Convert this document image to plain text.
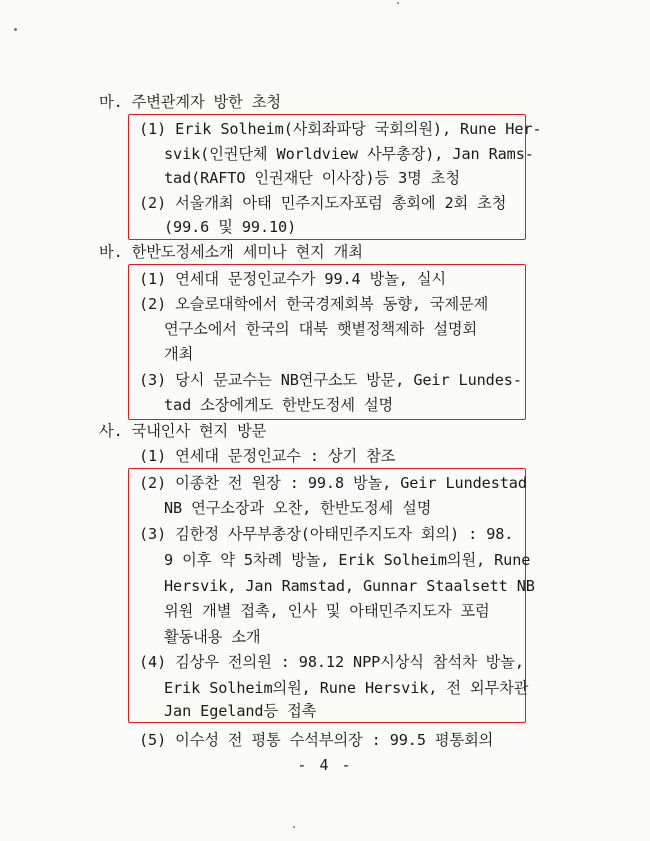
마. 주변관계자 방한 초청
(1) Erik Solheim(사회좌파당 국회의원), Rune Her-
svik(인권단체 Worldview 사무총장), Jan Rams-
tad(RAFTO 인권재단 이사장)등 3명 초청
(2) 서울개최 아태 민주지도자포럼 총회에 2회 초청
(99.6 및 99.10)
바. 한반도정세소개 세미나 현지 개최
(1) 연세대 문정인교수가 99.4 방놀, 실시
(2) 오슬로대학에서 한국경제회복 동향, 국제문제
연구소에서 한국의 대북 햇볕정책제하 설명회
개최
(3) 당시 문교수는 NB연구소도 방문, Geir Lundes-
tad 소장에게도 한반도정세 설명
사. 국내인사 현지 방문
(1) 연세대 문정인교수 : 상기 참조
(2) 이종찬 전 원장 : 99.8 방놀, Geir Lundestad
NB 연구소장과 오찬, 한반도정세 설명
(3) 김한정 사무부총장(아태민주지도자 회의) : 98.
9 이후 약 5차례 방놀, Erik Solheim의원, Rune
Hersvik, Jan Ramstad, Gunnar Staalsett NB
위원 개별 접촉, 인사 및 아태민주지도자 포럼
활동내용 소개
(4) 김상우 전의원 : 98.12 NPP시상식 참석차 방놀,
Erik Solheim의원, Rune Hersvik, 전 외무차관
Jan Egeland등 접촉
(5) 이수성 전 평통 수석부의장 : 99.5 평통회의
- 4 -
